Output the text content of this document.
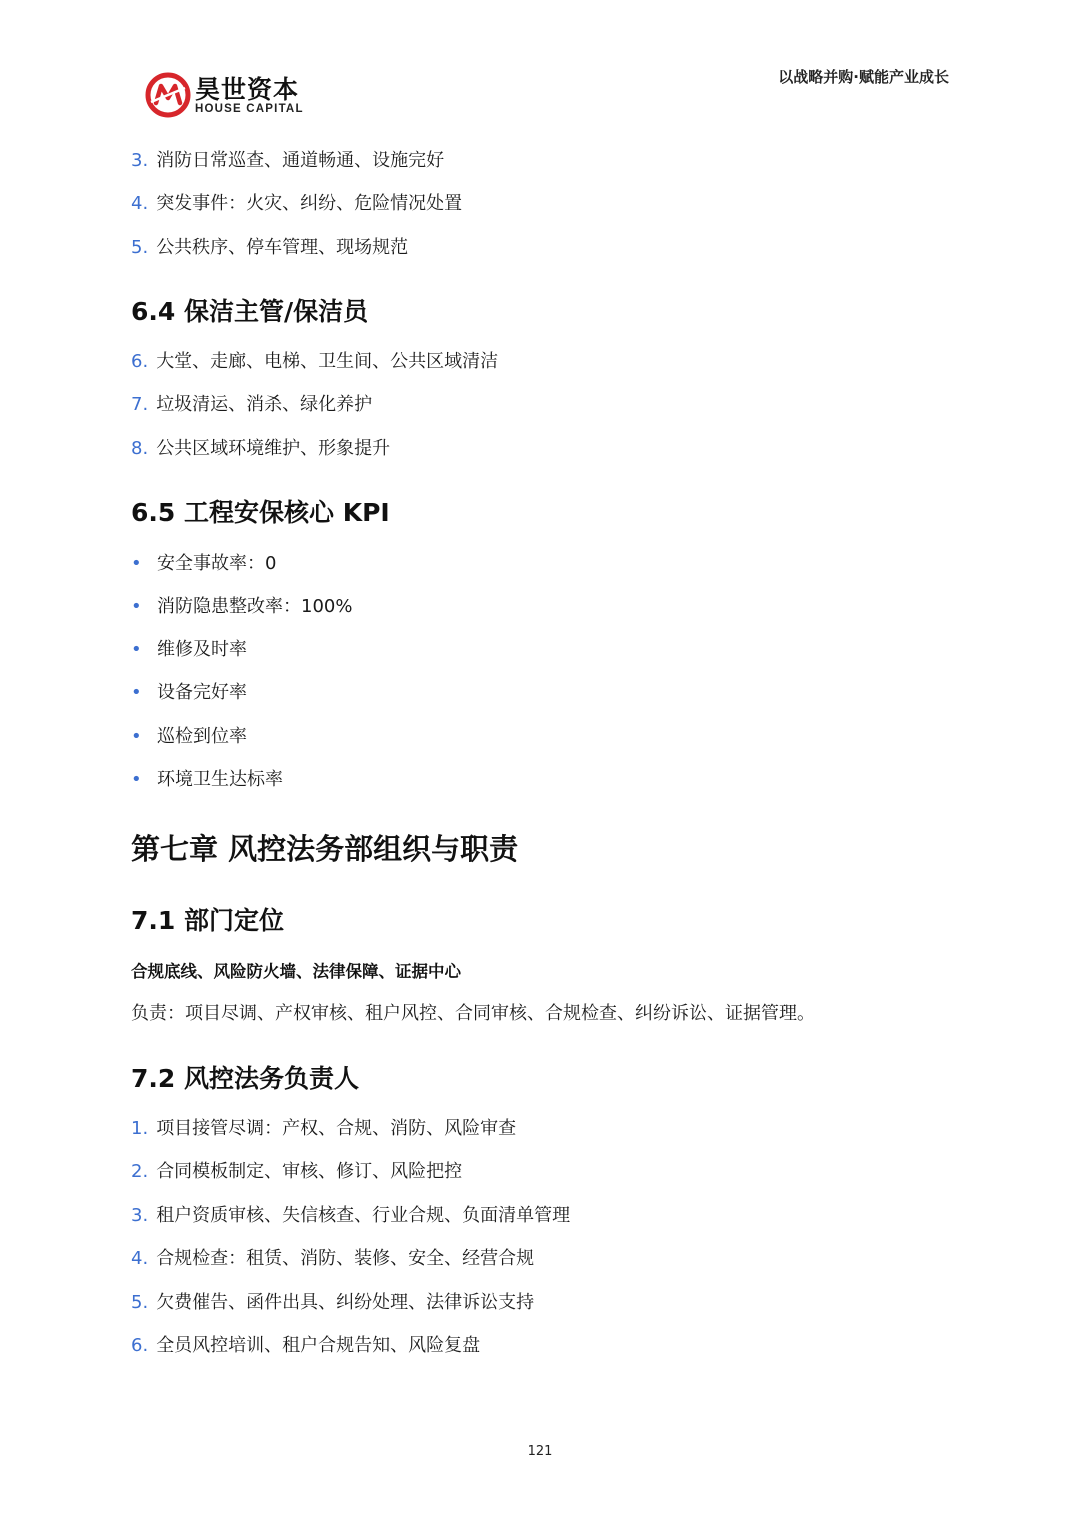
昊世资本
HOUSE CAPITAL
以战略并购·赋能产业成长
3. 消防日常巡查、通道畅通、设施完好
4. 突发事件：火灾、纠纷、危险情况处置
5. 公共秩序、停车管理、现场规范
6.4 保洁主管/保洁员
6. 大堂、走廊、电梯、卫生间、公共区域清洁
7. 垃圾清运、消杀、绿化养护
8. 公共区域环境维护、形象提升
6.5 工程安保核心 KPI
• 安全事故率：0
• 消防隐患整改率：100%
• 维修及时率
• 设备完好率
• 巡检到位率
• 环境卫生达标率
第七章 风控法务部组织与职责
7.1 部门定位
合规底线、风险防火墙、法律保障、证据中心
负责：项目尽调、产权审核、租户风控、合同审核、合规检查、纠纷诉讼、证据管理。
7.2 风控法务负责人
1. 项目接管尽调：产权、合规、消防、风险审查
2. 合同模板制定、审核、修订、风险把控
3. 租户资质审核、失信核查、行业合规、负面清单管理
4. 合规检查：租赁、消防、装修、安全、经营合规
5. 欠费催告、函件出具、纠纷处理、法律诉讼支持
6. 全员风控培训、租户合规告知、风险复盘
121
